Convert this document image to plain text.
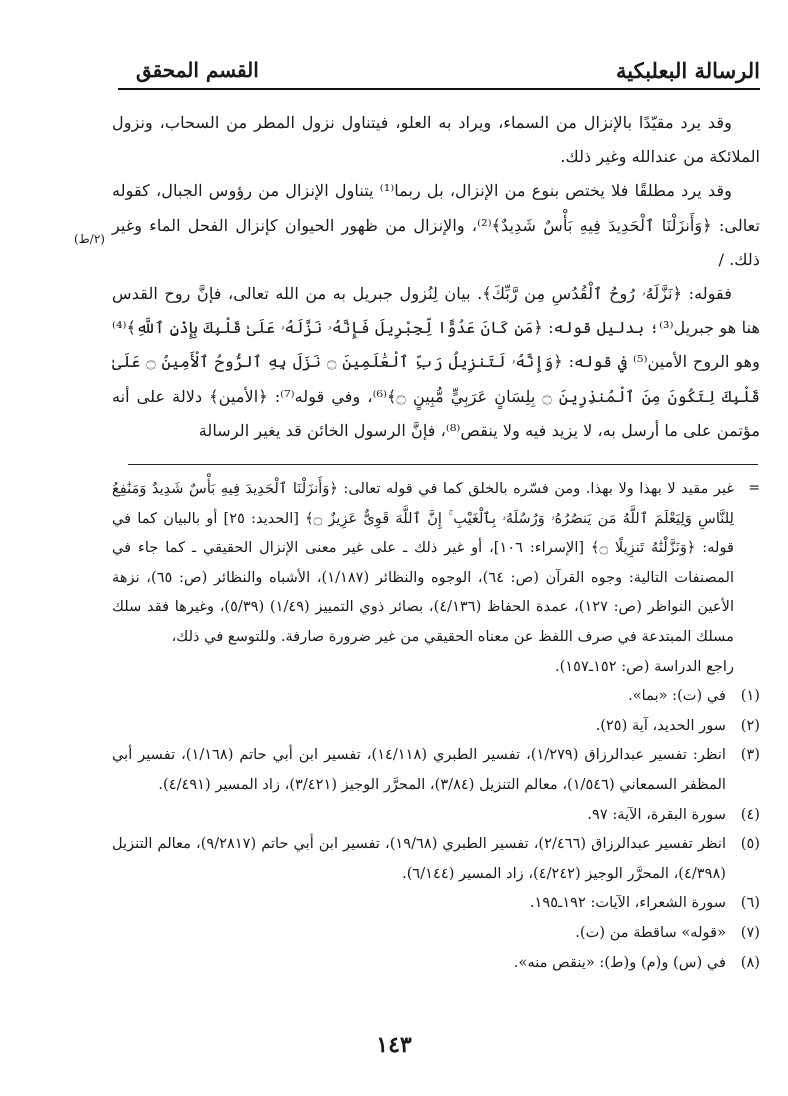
الرسالة البعلبكية
القسم المحقق

وقد يرد مقيّدًا بالإنزال من السماء، ويراد به العلو، فيتناول نزول المطر من السحاب، ونزول الملائكة من عندالله وغير ذلك.

وقد يرد مطلقًا فلا يختص بنوع من الإنزال، بل ربما⁽¹⁾ يتناول الإنزال من رؤوس الجبال، كقوله تعالى: ﴿وَأَنزَلْنَا ٱلْحَدِيدَ فِيهِ بَأْسٌ شَدِيدٌ﴾⁽²⁾، والإنزال من ظهور الحيوان كإنزال الفحل الماء وغير ذلك. /

فقوله: ﴿نَزَّلَهُۥ رُوحُ ٱلْقُدُسِ مِن رَّبِّكَ﴾. بيان لِنُزول جبريل به من الله تعالى، فإنَّ روح القدس هنا هو جبريل⁽³⁾؛ بدليل قوله: ﴿مَن كَانَ عَدُوًّا لِّجِبْرِيلَ فَإِنَّهُۥ نَزَّلَهُۥ عَلَىٰ قَلْبِكَ بِإِذْنِ ٱللَّهِ﴾⁽⁴⁾ وهو الروح الأمين⁽⁵⁾ في قوله: ﴿وَإِنَّهُۥ لَتَنزِيلُ رَبِّ ٱلْعَٰلَمِينَ ۝ نَزَلَ بِهِ ٱلرُّوحُ ٱلْأَمِينُ ۝ عَلَىٰ قَلْبِكَ لِتَكُونَ مِنَ ٱلْمُنذِرِينَ ۝ بِلِسَانٍ عَرَبِيٍّ مُّبِينٍ ۝﴾⁽⁶⁾، وفي قوله⁽⁷⁾: ﴿الأمين﴾ دلالة على أنه مؤتمن على ما أرسل به، لا يزيد فيه ولا ينقص⁽⁸⁾، فإنَّ الرسول الخائن قد يغير الرسالة

(٢/ط)
=
غير مقيد لا بهذا ولا بهذا. ومن فسّره بالخلق كما في قوله تعالى: ﴿وَأَنزَلْنَا ٱلْحَدِيدَ فِيهِ بَأْسٌ شَدِيدٌ وَمَنَٰفِعُ لِلنَّاسِ وَلِيَعْلَمَ ٱللَّهُ مَن يَنصُرُهُۥ وَرُسُلَهُۥ بِٱلْغَيْبِ ۚ إِنَّ ٱللَّهَ قَوِىٌّ عَزِيزٌ ۝﴾ [الحديد: ٢٥] أو بالبيان كما في قوله: ﴿وَنَزَّلْنَٰهُ تَنزِيلًا ۝﴾ [الإسراء: ١٠٦]، أو غير ذلك ـ على غير معنى الإنزال الحقيقي ـ كما جاء في المصنفات التالية: وجوه القرآن (ص: ٦٤)، الوجوه والنظائر (١/١٨٧)، الأشباه والنظائر (ص: ٦٥)، نزهة الأعين النواظر (ص: ١٢٧)، عمدة الحفاظ (٤/١٣٦)، بصائر ذوي التمييز (١/٤٩) (٥/٣٩)، وغيرها فقد سلك مسلك المبتدعة في صرف اللفظ عن معناه الحقيقي من غير ضرورة صارفة. وللتوسع في ذلك،
راجع الدراسة (ص: ١٥٢ـ١٥٧).
(١)
في (ت): «بما».
(٢)
سور الحديد، آية (٢٥).
(٣)
انظر: تفسير عبدالرزاق (١/٢٧٩)، تفسير الطبري (١٤/١١٨)، تفسير ابن أبي حاتم (١/١٦٨)، تفسير أبي المظفر السمعاني (١/٥٤٦)، معالم التنزيل (٣/٨٤)، المحرَّر الوجيز (٣/٤٢١)، زاد المسير (٤/٤٩١).
(٤)
سورة البقرة، الآية: ٩٧.
(٥)
انظر تفسير عبدالرزاق (٢/٤٦٦)، تفسير الطبري (١٩/٦٨)، تفسير ابن أبي حاتم (٩/٢٨١٧)، معالم التنزيل (٤/٣٩٨)، المحرَّر الوجيز (٤/٢٤٢)، زاد المسير (٦/١٤٤).
(٦)
سورة الشعراء، الآيات: ١٩٢ـ١٩٥.
(٧)
«قوله» ساقطة من (ت).
(٨)
في (س) و(م) و(ط): «ينقص منه».
١٤٣
